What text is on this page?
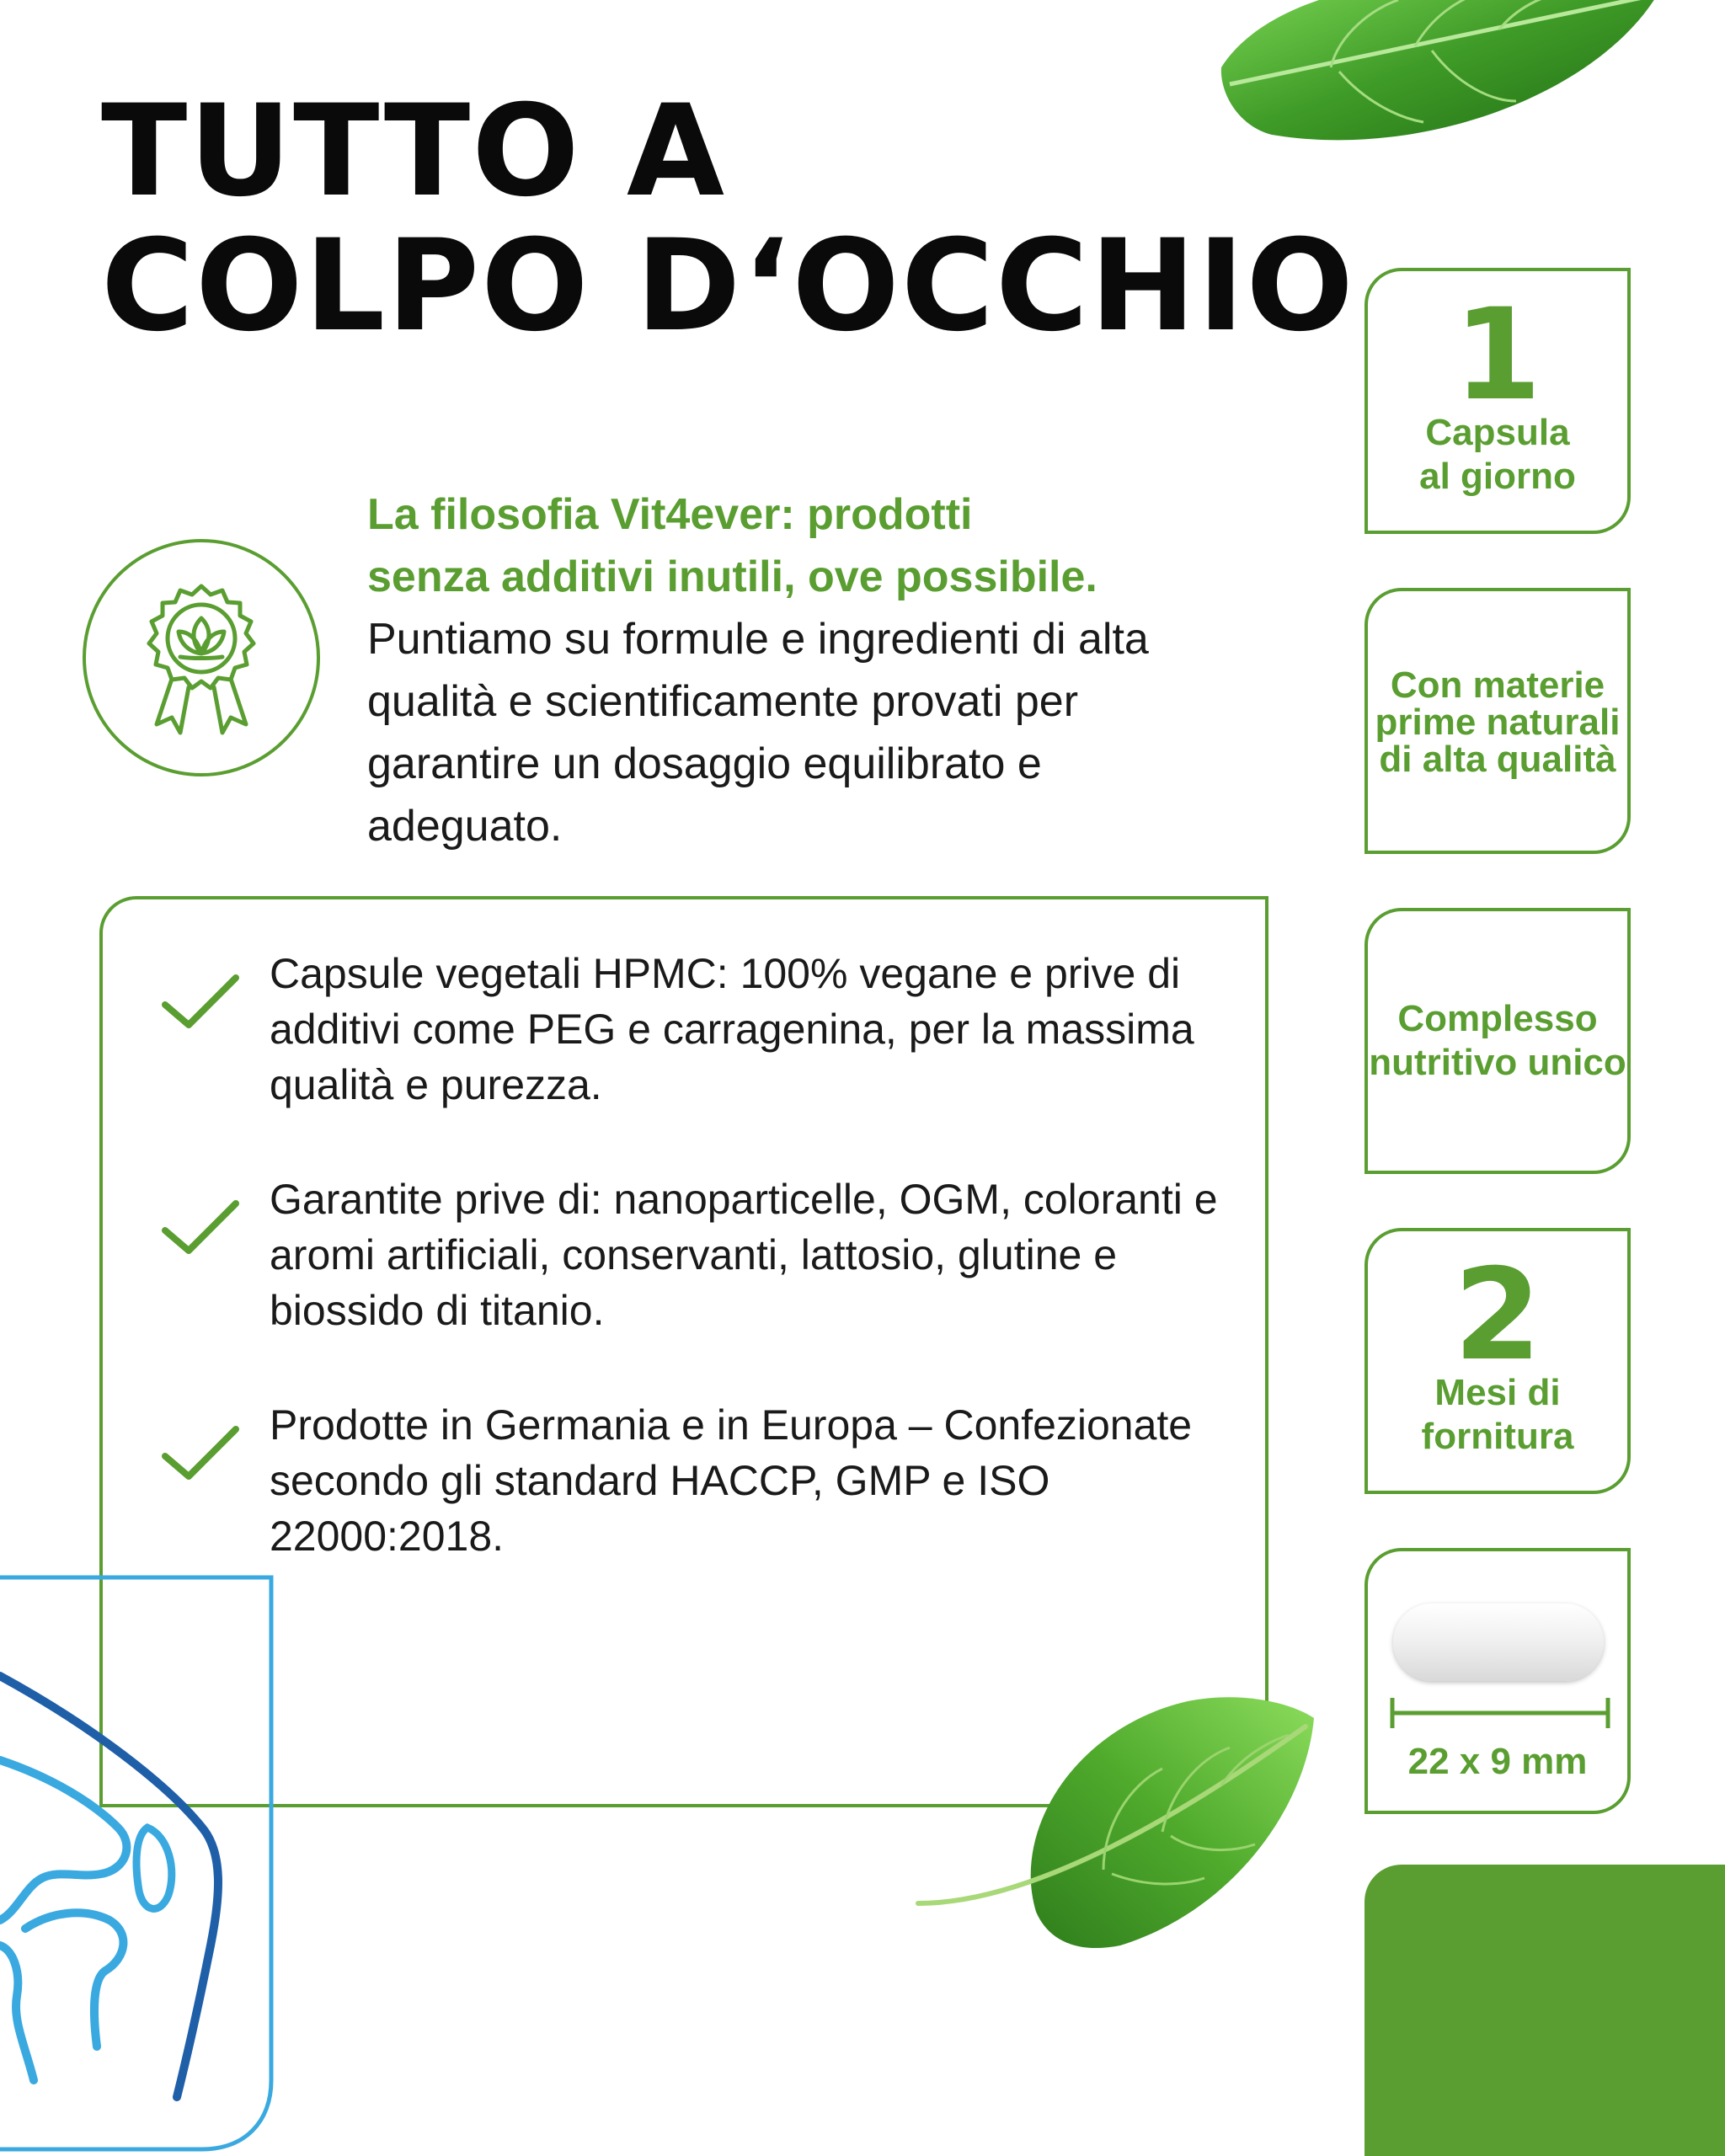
TUTTO A
COLPO D‘OCCHIO
La filosofia Vit4ever: prodotti
senza additivi inutili, ove possibile.
Puntiamo su formule e ingredienti di alta qualità e scientificamente provati per garantire un dosaggio equilibrato e adeguato.
Capsule vegetali HPMC: 100% vegane e prive di additivi come PEG e carragenina, per la massima qualità e purezza.
Garantite prive di: nanoparticelle, OGM, coloranti e aromi artificiali, conservanti, lattosio, glutine e biossido di titanio.
Prodotte in Germania e in Europa – Confezionate secondo gli standard HACCP, GMP e ISO 22000:2018.
1
Capsula
al giorno
Con materie
prime naturali
di alta qualità
Complesso
nutritivo unico
2
Mesi di
fornitura
22 x 9 mm
